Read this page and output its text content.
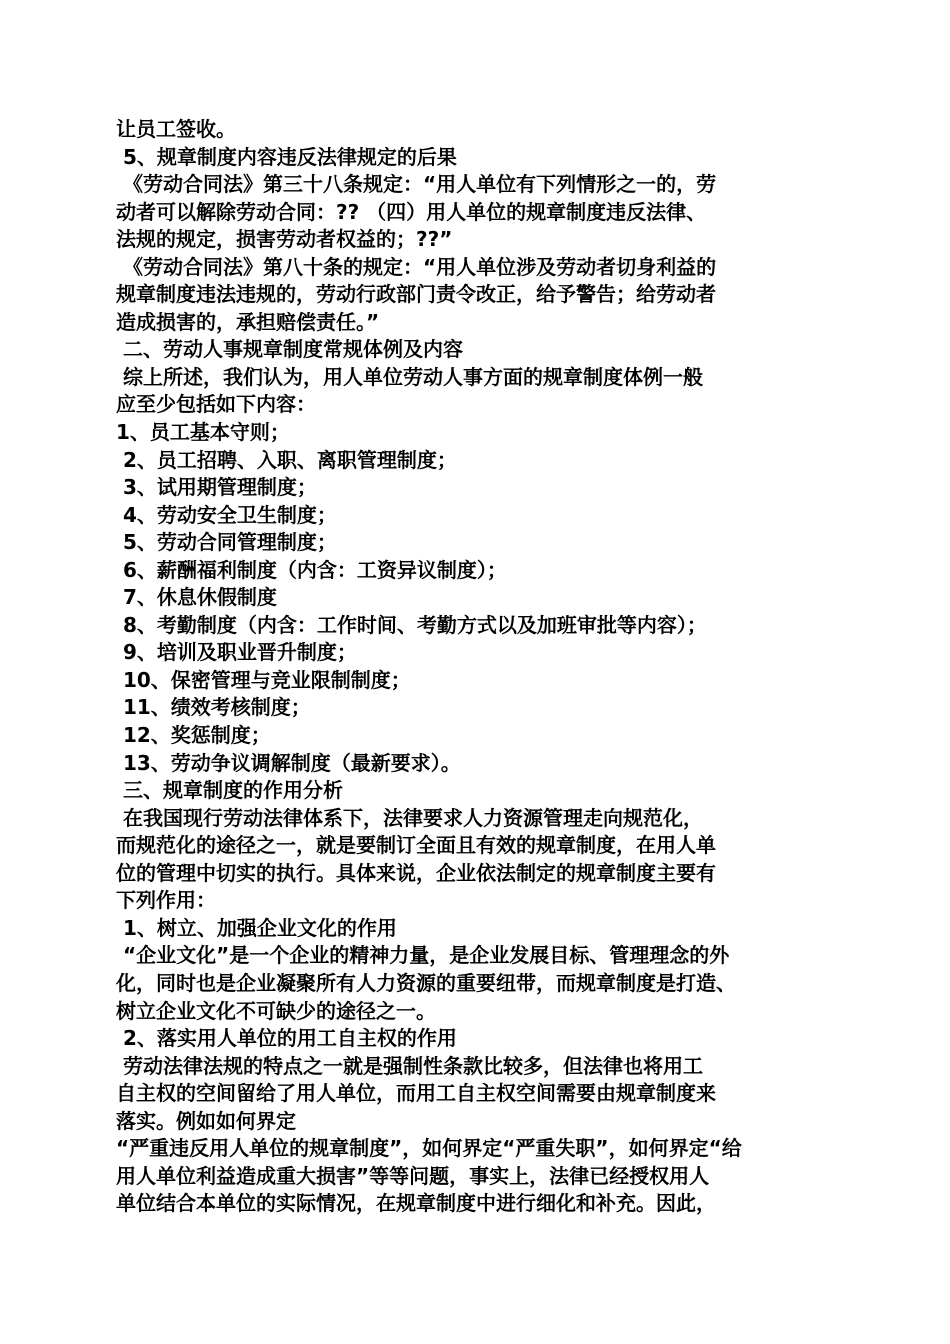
让员工签收。
5、规章制度内容违反法律规定的后果
《劳动合同法》第三十八条规定：“用人单位有下列情形之一的，劳
动者可以解除劳动合同：?? （四）用人单位的规章制度违反法律、
法规的规定，损害劳动者权益的；??”
《劳动合同法》第八十条的规定：“用人单位涉及劳动者切身利益的
规章制度违法违规的，劳动行政部门责令改正，给予警告；给劳动者
造成损害的，承担赔偿责任。”
二、劳动人事规章制度常规体例及内容
综上所述，我们认为，用人单位劳动人事方面的规章制度体例一般
应至少包括如下内容：
1、员工基本守则；
2、员工招聘、入职、离职管理制度；
3、试用期管理制度；
4、劳动安全卫生制度；
5、劳动合同管理制度；
6、薪酬福利制度（内含：工资异议制度）；
7、休息休假制度
8、考勤制度（内含：工作时间、考勤方式以及加班审批等内容）；
9、培训及职业晋升制度；
10、保密管理与竞业限制制度；
11、绩效考核制度；
12、奖惩制度；
13、劳动争议调解制度（最新要求）。
三、规章制度的作用分析
在我国现行劳动法律体系下，法律要求人力资源管理走向规范化，
而规范化的途径之一，就是要制订全面且有效的规章制度，在用人单
位的管理中切实的执行。具体来说，企业依法制定的规章制度主要有
下列作用：
1、树立、加强企业文化的作用
“企业文化”是一个企业的精神力量，是企业发展目标、管理理念的外
化，同时也是企业凝聚所有人力资源的重要纽带，而规章制度是打造、
树立企业文化不可缺少的途径之一。
2、落实用人单位的用工自主权的作用
劳动法律法规的特点之一就是强制性条款比较多，但法律也将用工
自主权的空间留给了用人单位，而用工自主权空间需要由规章制度来
落实。例如如何界定
“严重违反用人单位的规章制度”，如何界定“严重失职”，如何界定“给
用人单位利益造成重大损害”等等问题，事实上，法律已经授权用人
单位结合本单位的实际情况，在规章制度中进行细化和补充。因此，
